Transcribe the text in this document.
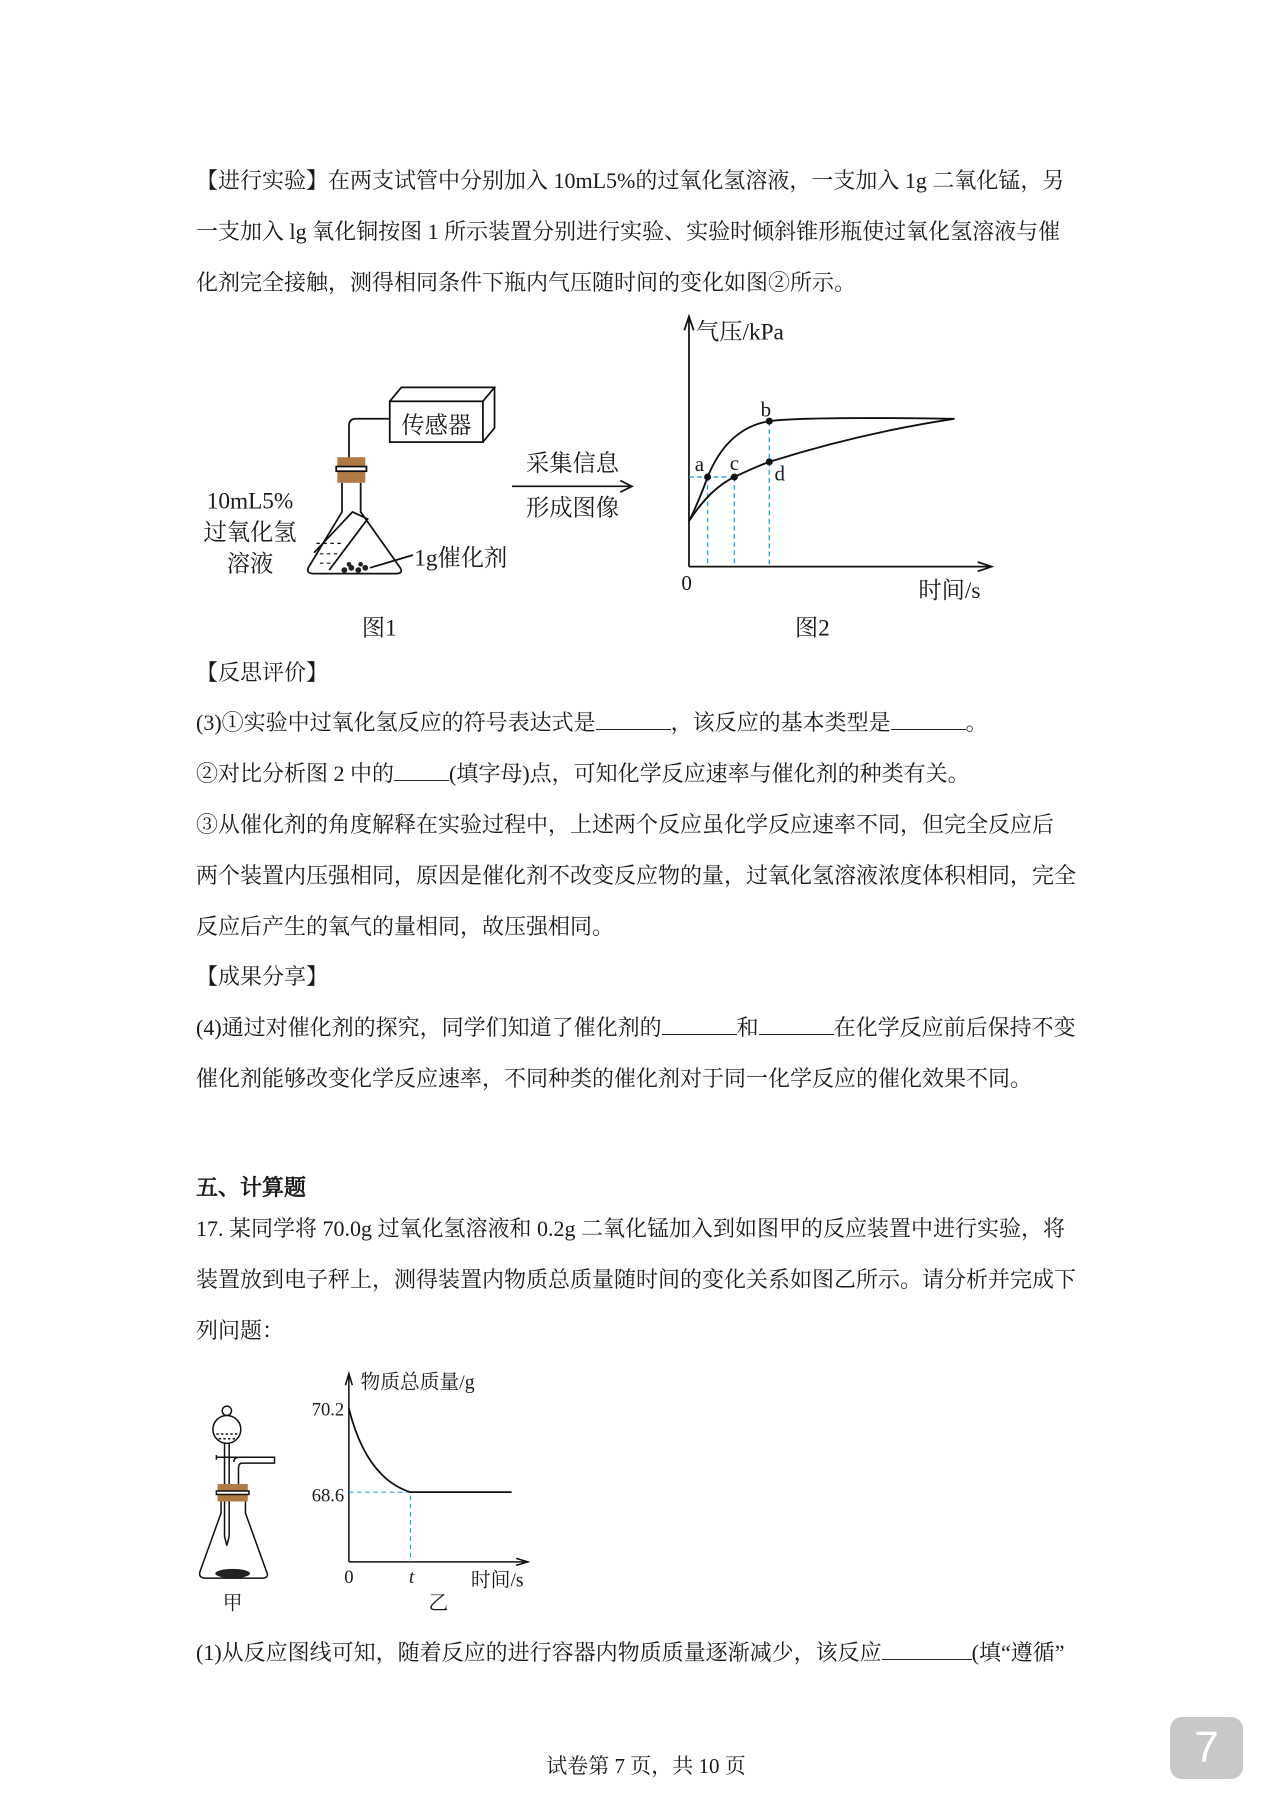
【进行实验】在两支试管中分别加入 10mL5%的过氧化氢溶液，一支加入 1g 二氧化锰，另
一支加入 lg 氧化铜按图 1 所示装置分别进行实验、实验时倾斜锥形瓶使过氧化氢溶液与催
化剂完全接触，测得相同条件下瓶内气压随时间的变化如图②所示。
传感器
10mL5%
过氧化氢
溶液	1g催化剂
图1
采集信息
形成图像
a
b
c d
气压/kPa
0	时间/s
图2
【反思评价】
(3)①实验中过氧化氢反应的符号表达式是	，该反应的基本类型是	。
②对比分析图 2 中的	(填字母)点，可知化学反应速率与催化剂的种类有关。
③从催化剂的角度解释在实验过程中，上述两个反应虽化学反应速率不同，但完全反应后
两个装置内压强相同，原因是催化剂不改变反应物的量，过氧化氢溶液浓度体积相同，完全
反应后产生的氧气的量相同，故压强相同。
【成果分享】
(4)通过对催化剂的探究，同学们知道了催化剂的	和	在化学反应前后保持不变
催化剂能够改变化学反应速率，不同种类的催化剂对于同一化学反应的催化效果不同。
五、计算题
17. 某同学将 70.0g 过氧化氢溶液和 0.2g 二氧化锰加入到如图甲的反应装置中进行实验，将
装置放到电子秤上，测得装置内物质总质量随时间的变化关系如图乙所示。请分析并完成下
列问题：
甲
物质总质量/g
70.2
68.6
0	t	时间/s
乙
(1)从反应图线可知，随着反应的进行容器内物质质量逐渐减少，该反应	(填“遵循”
试卷第 7 页，共 10 页	7
